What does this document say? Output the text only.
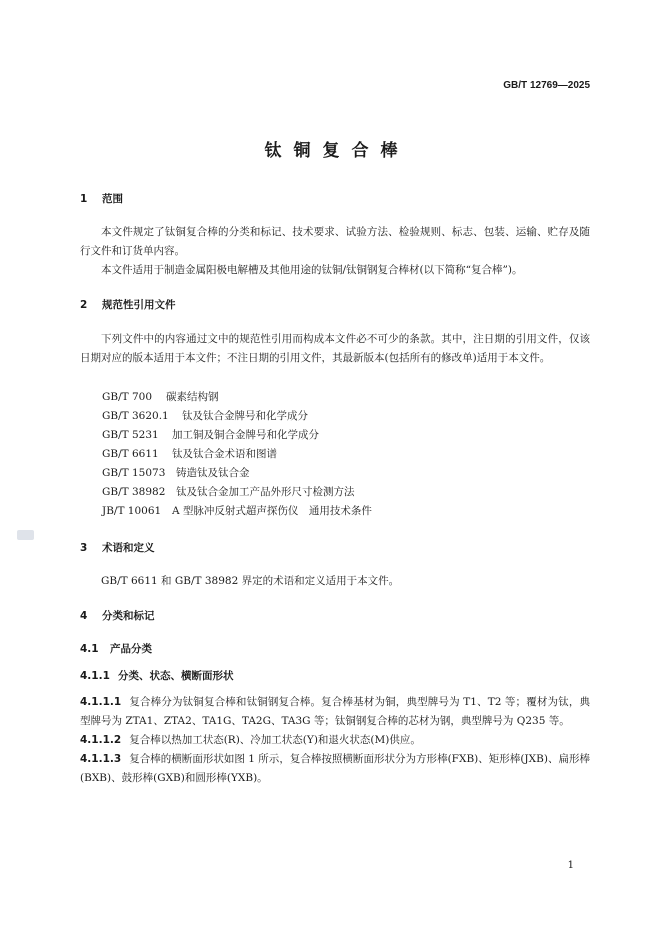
GB/T 12769—2025
钛铜复合棒
1 范围
本文件规定了钛铜复合棒的分类和标记、技术要求、试验方法、检验规则、标志、包装、运输、贮存及随行文件和订货单内容。
本文件适用于制造金属阳极电解槽及其他用途的钛铜/钛铜钢复合棒材(以下简称“复合棒”)。
2 规范性引用文件
下列文件中的内容通过文中的规范性引用而构成本文件必不可少的条款。其中，注日期的引用文件，仅该日期对应的版本适用于本文件；不注日期的引用文件，其最新版本(包括所有的修改单)适用于本文件。
GB/T 700 碳素结构钢
GB/T 3620.1 钛及钛合金牌号和化学成分
GB/T 5231 加工铜及铜合金牌号和化学成分
GB/T 6611 钛及钛合金术语和图谱
GB/T 15073 铸造钛及钛合金
GB/T 38982 钛及钛合金加工产品外形尺寸检测方法
JB/T 10061 A 型脉冲反射式超声探伤仪　通用技术条件
3 术语和定义
GB/T 6611 和 GB/T 38982 界定的术语和定义适用于本文件。
4 分类和标记
4.1 产品分类
4.1.1 分类、状态、横断面形状
4.1.1.1 复合棒分为钛铜复合棒和钛铜钢复合棒。复合棒基材为铜，典型牌号为 T1、T2 等；覆材为钛，典型牌号为 ZTA1、ZTA2、TA1G、TA2G、TA3G 等；钛铜钢复合棒的芯材为钢，典型牌号为 Q235 等。
4.1.1.2 复合棒以热加工状态(R)、冷加工状态(Y)和退火状态(M)供应。
4.1.1.3 复合棒的横断面形状如图 1 所示，复合棒按照横断面形状分为方形棒(FXB)、矩形棒(JXB)、扁形棒(BXB)、鼓形棒(GXB)和圆形棒(YXB)。
1
